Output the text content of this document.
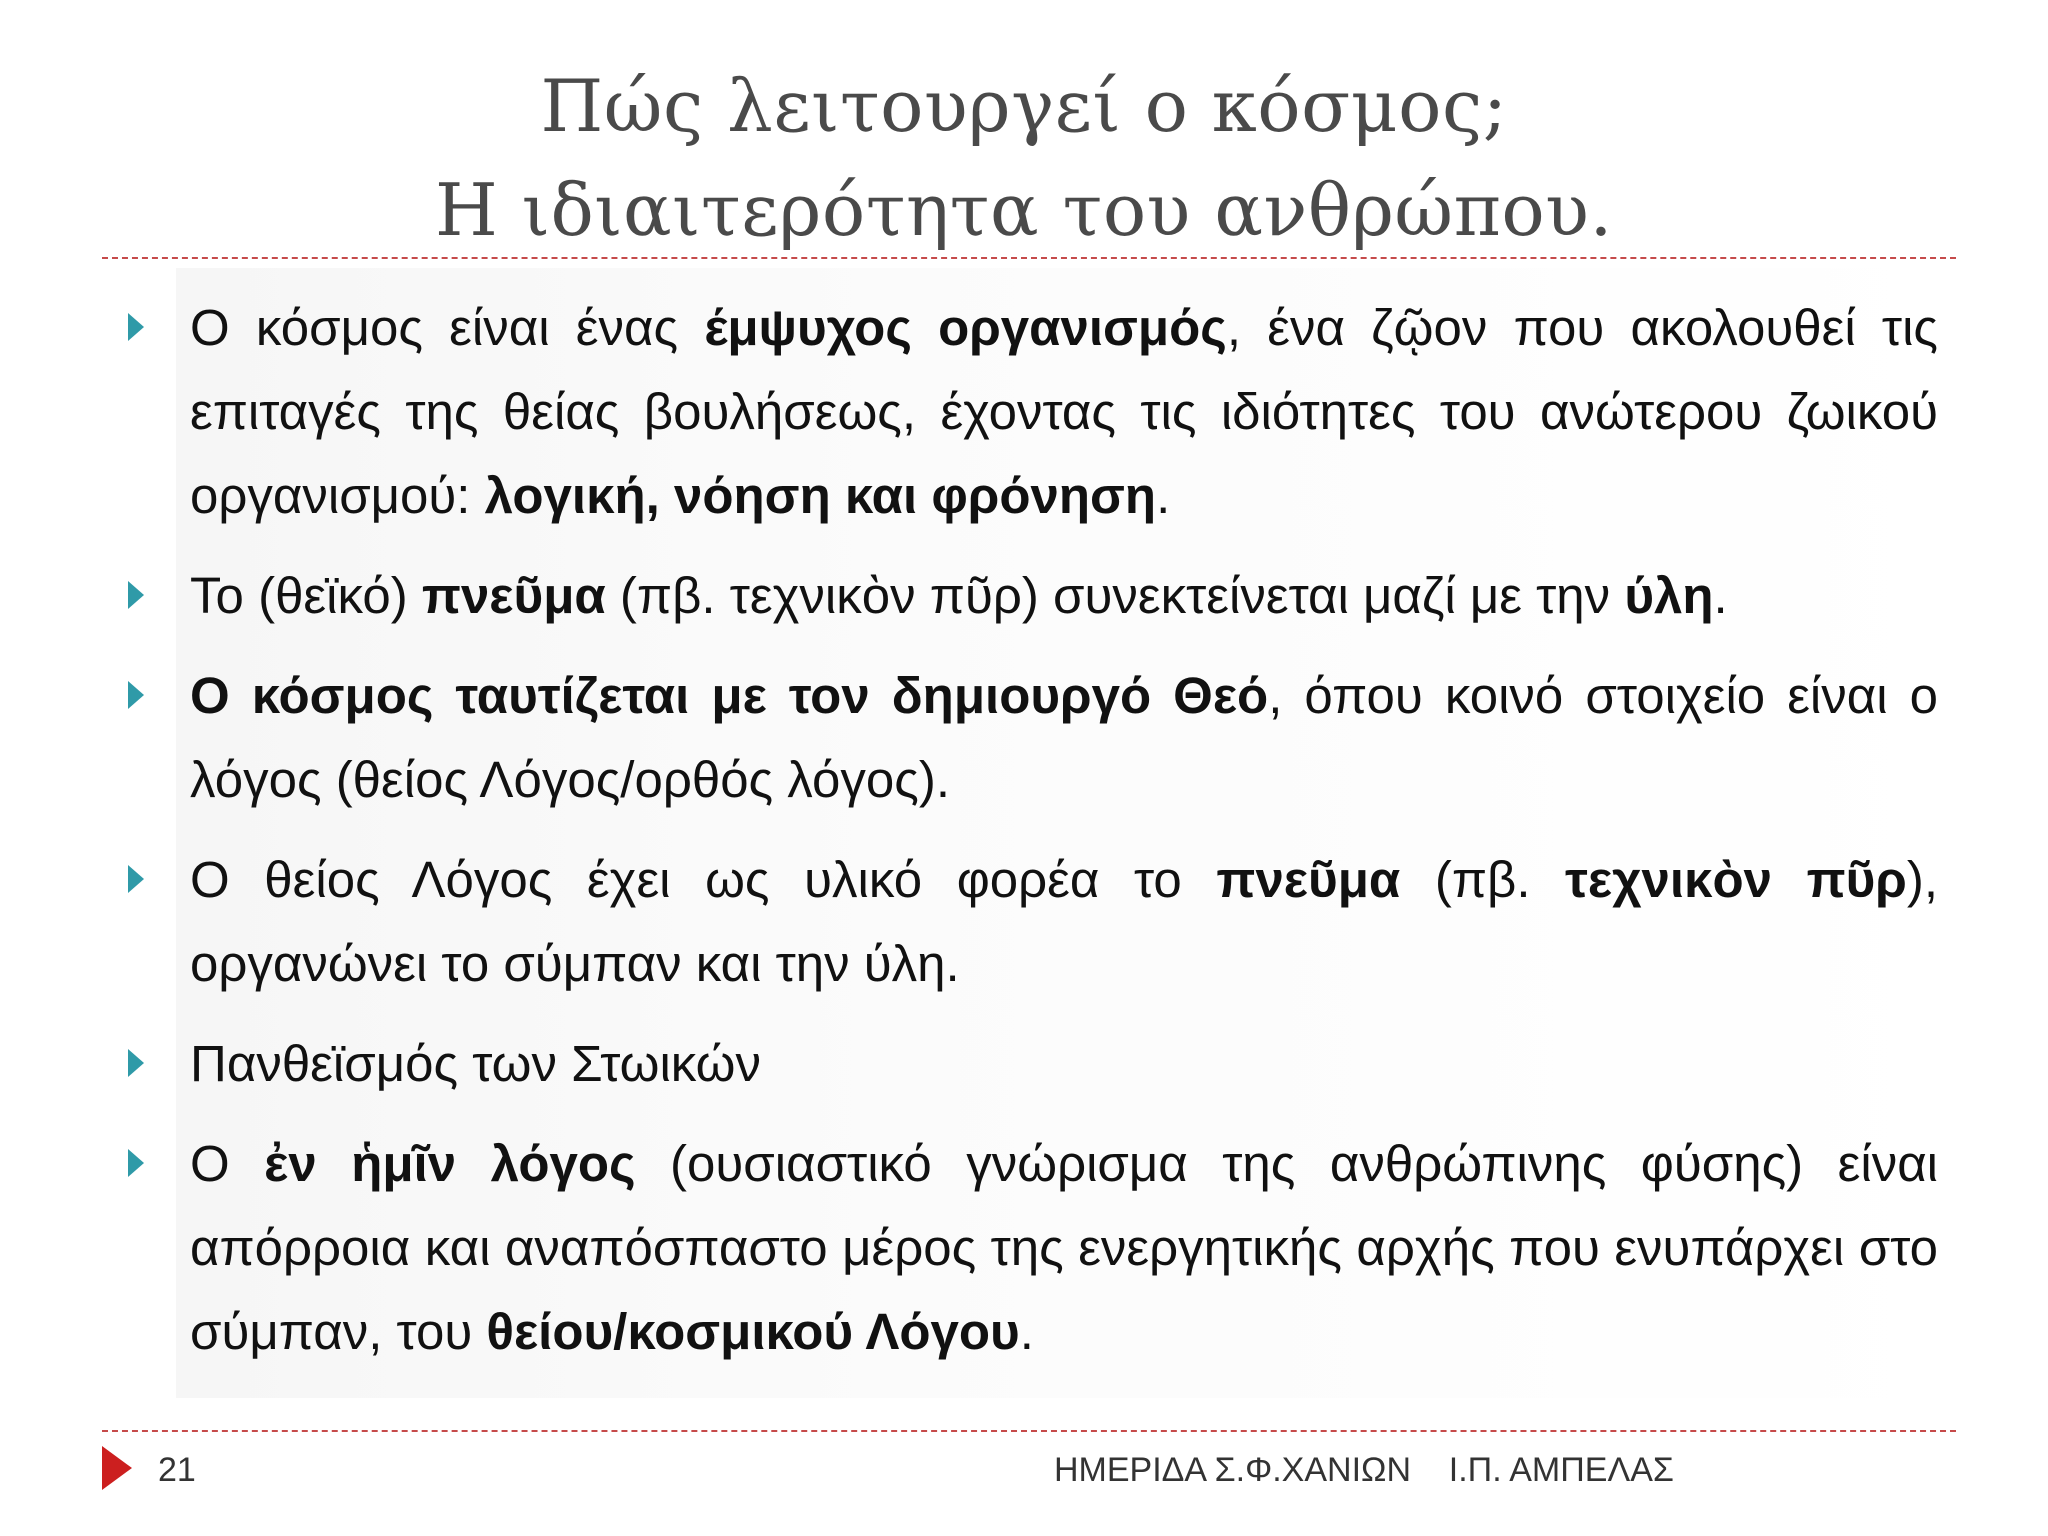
Πώς λειτουργεί ο κόσμος;
Η ιδιαιτερότητα του ανθρώπου.
Ο κόσμος είναι ένας έμψυχος οργανισμός, ένα ζῷον που ακολουθεί τις επιταγές της θείας βουλήσεως, έχοντας τις ιδιότητες του ανώτερου ζωικού οργανισμού: λογική, νόηση και φρόνηση.
Το (θεϊκό) πνεῦμα (πβ. τεχνικὸν πῦρ) συνεκτείνεται μαζί με την ύλη.
Ο κόσμος ταυτίζεται με τον δημιουργό Θεό, όπου κοινό στοιχείο είναι ο λόγος (θείος Λόγος/ορθός λόγος).
Ο θείος Λόγος έχει ως υλικό φορέα το πνεῦμα (πβ. τεχνικὸν πῦρ), οργανώνει το σύμπαν και την ύλη.
Πανθεϊσμός των Στωικών
Ο ἐν ἡμῖν λόγος (ουσιαστικό γνώρισμα της ανθρώπινης φύσης) είναι απόρροια και αναπόσπαστο μέρος της ενεργητικής αρχής που ενυπάρχει στο σύμπαν, του θείου/κοσμικού Λόγου.
21	ΗΜΕΡΙΔΑ Σ.Φ.ΧΑΝΙΩΝ    Ι.Π. ΑΜΠΕΛΑΣ
